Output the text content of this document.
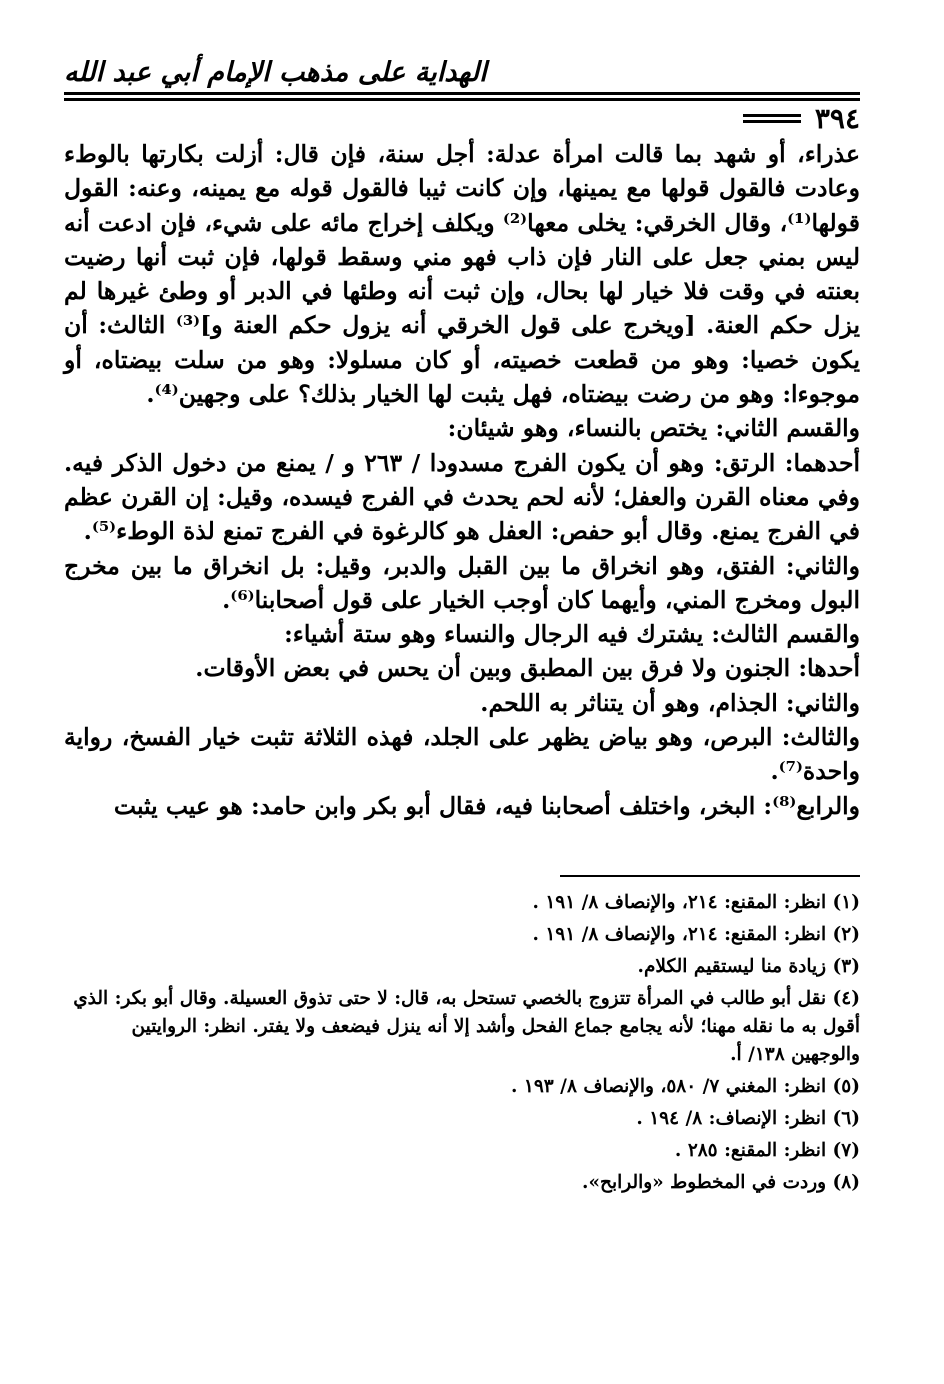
الهداية على مذهب الإمام أبي عبد الله
٣٩٤

عذراء، أو شهد بما قالت امرأة عدلة: أجل سنة، فإن قال: أزلت بكارتها بالوطء وعادت فالقول قولها مع يمينها، وإن كانت ثيبا فالقول قوله مع يمينه، وعنه: القول قولها⁽¹⁾، وقال الخرقي: يخلى معها⁽²⁾ ويكلف إخراج مائه على شيء، فإن ادعت أنه ليس بمني جعل على النار فإن ذاب فهو مني وسقط قولها، فإن ثبت أنها رضيت بعنته في وقت فلا خيار لها بحال، وإن ثبت أنه وطئها في الدبر أو وطئ غيرها لم يزل حكم العنة. [ويخرج على قول الخرقي أنه يزول حكم العنة و]⁽³⁾ الثالث: أن يكون خصيا: وهو من قطعت خصيته، أو كان مسلولا: وهو من سلت بيضتاه، أو موجوءا: وهو من رضت بيضتاه، فهل يثبت لها الخيار بذلك؟ على وجهين⁽⁴⁾.

والقسم الثاني: يختص بالنساء، وهو شيئان:

أحدهما: الرتق: وهو أن يكون الفرج مسدودا / ٢٦٣ و / يمنع من دخول الذكر فيه. وفي معناه القرن والعفل؛ لأنه لحم يحدث في الفرج فيسده، وقيل: إن القرن عظم في الفرج يمنع. وقال أبو حفص: العفل هو كالرغوة في الفرج تمنع لذة الوطء⁽⁵⁾.

والثاني: الفتق، وهو انخراق ما بين القبل والدبر، وقيل: بل انخراق ما بين مخرج البول ومخرج المني، وأيهما كان أوجب الخيار على قول أصحابنا⁽⁶⁾.

والقسم الثالث: يشترك فيه الرجال والنساء وهو ستة أشياء:

أحدها: الجنون ولا فرق بين المطبق وبين أن يحس في بعض الأوقات.

والثاني: الجذام، وهو أن يتناثر به اللحم.

والثالث: البرص، وهو بياض يظهر على الجلد، فهذه الثلاثة تثبت خيار الفسخ، رواية واحدة⁽⁷⁾.

والرابع⁽⁸⁾: البخر، واختلف أصحابنا فيه، فقال أبو بكر وابن حامد: هو عيب يثبت

(١) انظر: المقنع: ٢١٤، والإنصاف ٨/ ١٩١ .

(٢) انظر: المقنع: ٢١٤، والإنصاف ٨/ ١٩١ .

(٣) زيادة منا ليستقيم الكلام.

(٤) نقل أبو طالب في المرأة تتزوج بالخصي تستحل به، قال: لا حتى تذوق العسيلة. وقال أبو بكر: الذي أقول به ما نقله مهنا؛ لأنه يجامع جماع الفحل وأشد إلا أنه ينزل فيضعف ولا يفتر. انظر: الروايتين والوجهين ١٣٨/ أ.

(٥) انظر: المغني ٧/ ٥٨٠، والإنصاف ٨/ ١٩٣ .

(٦) انظر: الإنصاف: ٨/ ١٩٤ .

(٧) انظر: المقنع: ٢٨٥ .

(٨) وردت في المخطوط «والرابح».
